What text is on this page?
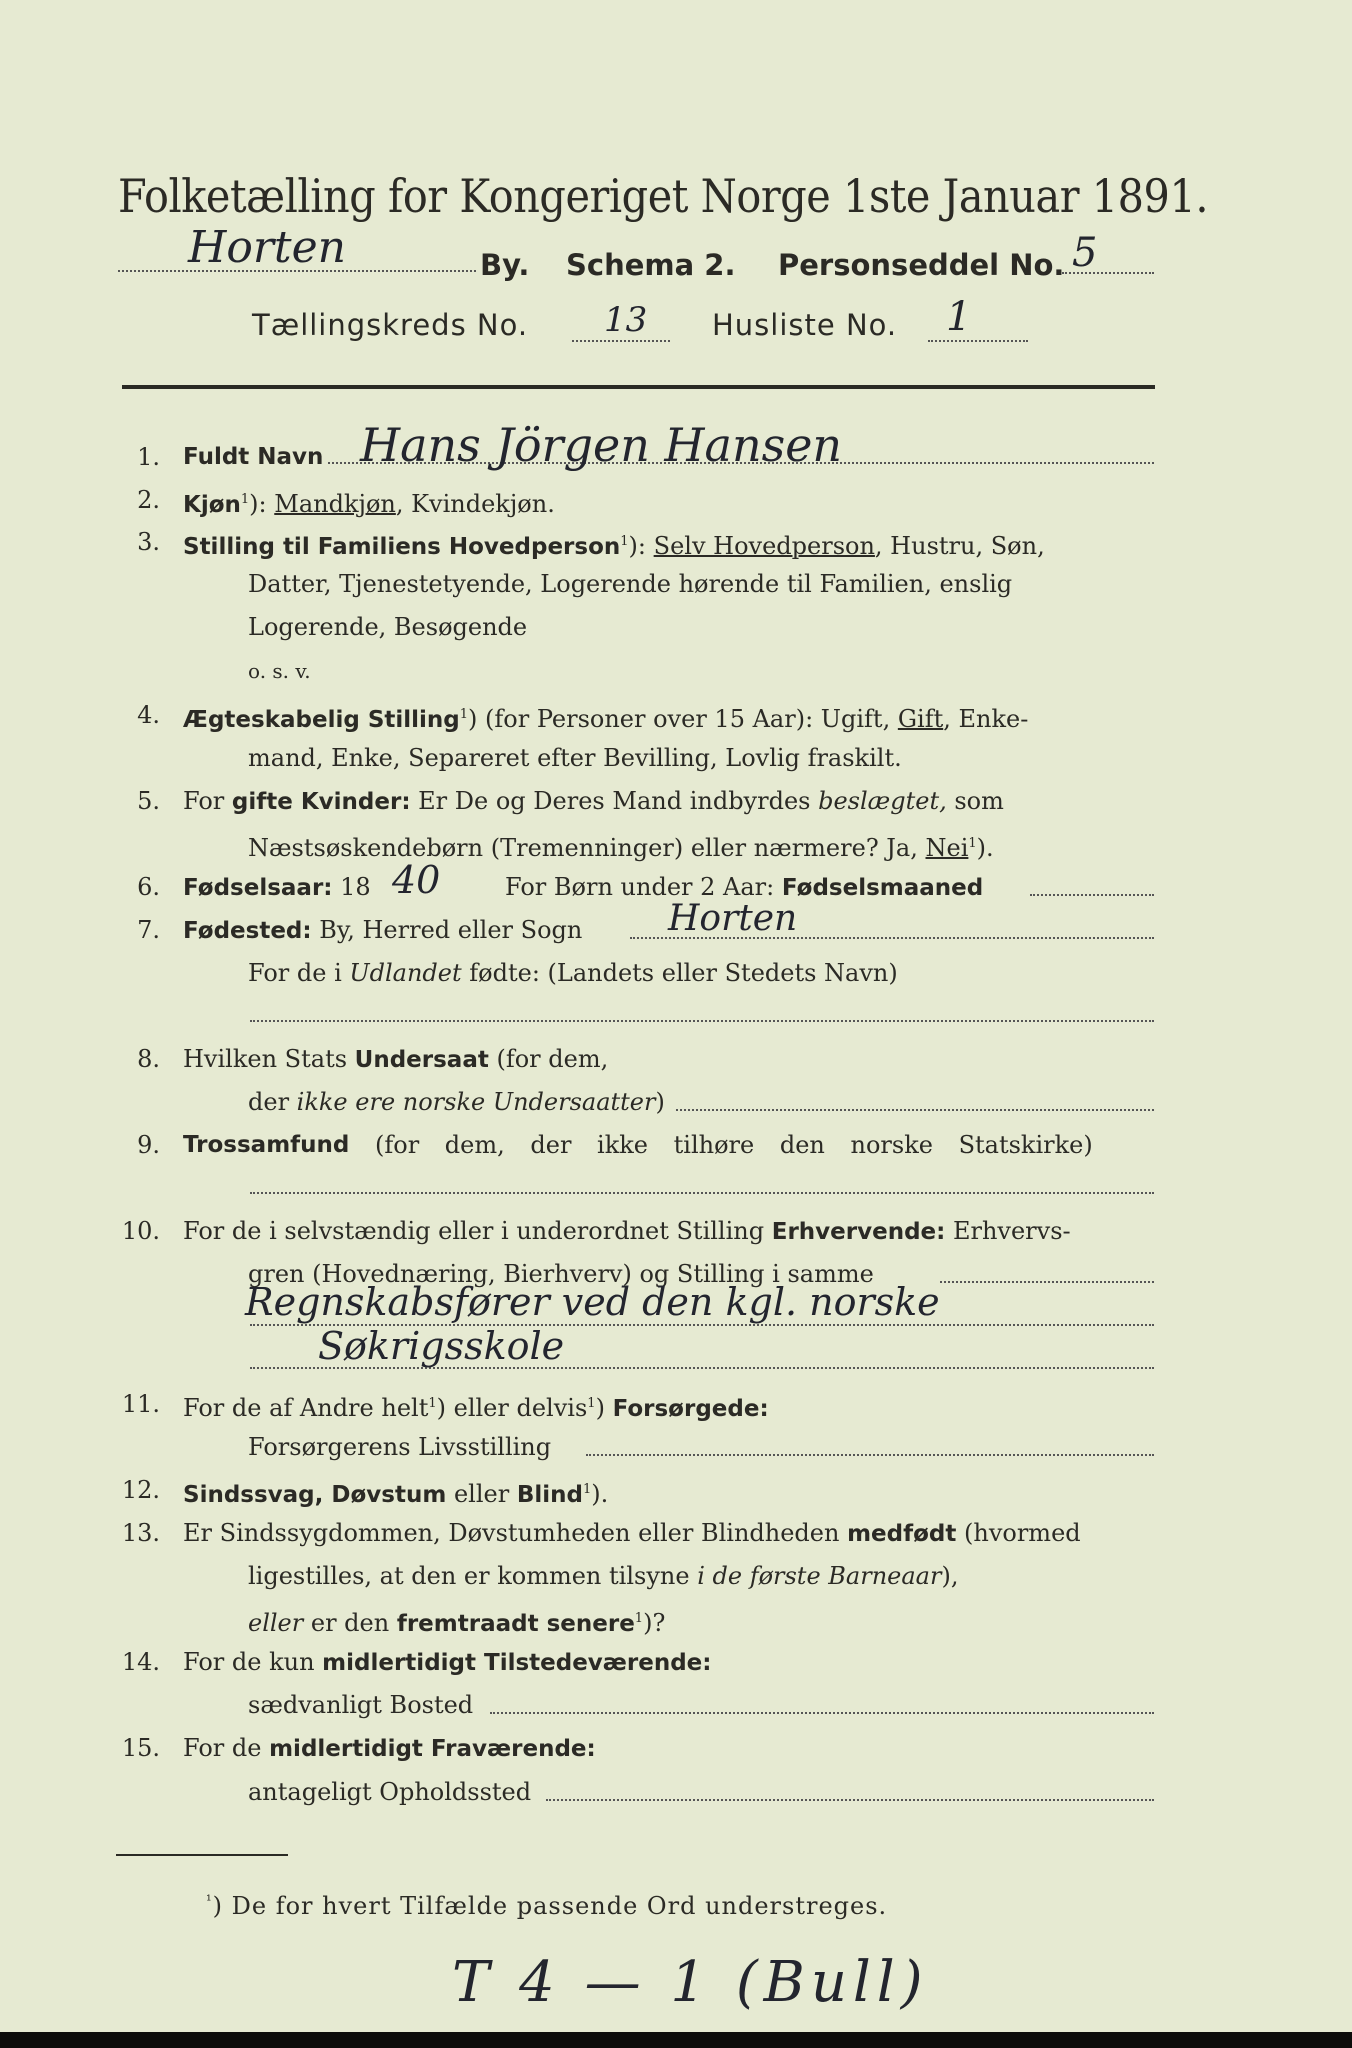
Folketælling for Kongeriget Norge 1ste Januar 1891.
Horten	By. Schema 2. Personseddel No. 5
Tællingskreds No. 13 Husliste No. 1
1. Fuldt Navn Hans Jörgen Hansen
2. Kjøn$^1$): Mandkjøn, Kvindekjøn.
3. Stilling til Familiens Hovedperson$^1$): Selv Hovedperson, Hustru, Søn,
Datter, Tjenestetyende, Logerende hørende til Familien, enslig
Logerende, Besøgende
o. s. v.
4. Ægteskabelig Stilling$^1$) (for Personer over 15 Aar): Ugift, Gift, Enke-
mand, Enke, Separeret efter Bevilling, Lovlig fraskilt.
5. For gifte Kvinder: Er De og Deres Mand indbyrdes beslægtet, som
Næstsøskendebørn (Tremenninger) eller nærmere? Ja, Nei$^1$).
6. Fødselsaar: 18 40	For Børn under 2 Aar: Fødselsmaaned
7. Fødested: By, Herred eller Sogn Horten
For de i Udlandet fødte: (Landets eller Stedets Navn)
8. Hvilken Stats Undersaat (for dem,
der ikke ere norske Undersaatter)
9. Trossamfund (for dem, der ikke tilhøre den norske Statskirke)
10. For de i selvstændig eller i underordnet Stilling Erhvervende: Erhvervs-
gren (Hovednæring, Bierhverv) og Stilling i samme
Regnskabsfører ved den kgl. norske
Søkrigsskole
11. For de af Andre helt$^1$) eller delvis$^1$) Forsørgede:
Forsørgerens Livsstilling
12. Sindssvag, Døvstum eller Blind$^1$).
13. Er Sindssygdommen, Døvstumheden eller Blindheden medfødt (hvormed
ligestilles, at den er kommen tilsyne i de første Barneaar),
eller er den fremtraadt senere$^1$)?
14. For de kun midlertidigt Tilstedeværende:
sædvanligt Bosted
15. For de midlertidigt Fraværende:
antageligt Opholdssted
$^{^1}$) De for hvert Tilfælde passende Ord understreges.
T 4 — 1 (Bull)
